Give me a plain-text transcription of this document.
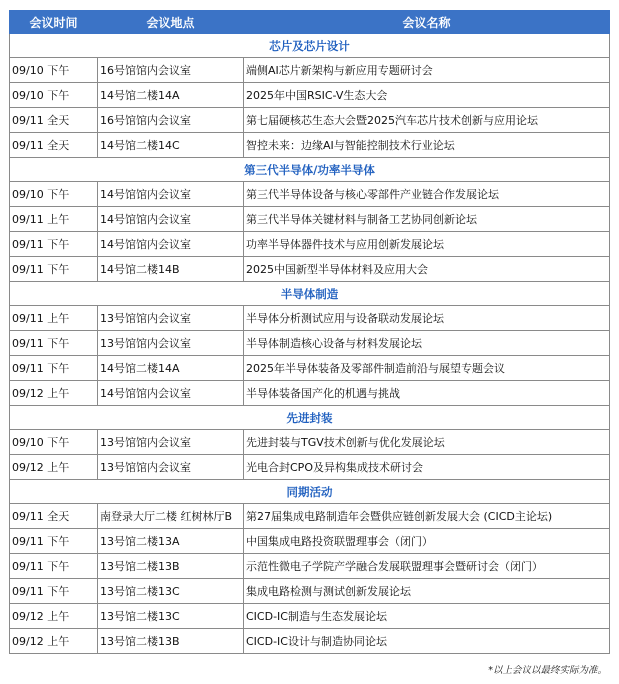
会议时间	会议地点	会议名称
芯片及芯片设计		
09/10 下午	16号馆馆内会议室	端侧AI芯片新架构与新应用专题研讨会
09/10 下午	14号馆二楼14A	2025年中国RSIC-V生态大会
09/11 全天	16号馆馆内会议室	第七届硬核芯生态大会暨2025汽车芯片技术创新与应用论坛
09/11 全天	14号馆二楼14C	智控未来：边缘AI与智能控制技术行业论坛
第三代半导体/功率半导体		
09/10 下午	14号馆馆内会议室	第三代半导体设备与核心零部件产业链合作发展论坛
09/11 上午	14号馆馆内会议室	第三代半导体关键材料与制备工艺协同创新论坛
09/11 下午	14号馆馆内会议室	功率半导体器件技术与应用创新发展论坛
09/11 下午	14号馆二楼14B	2025中国新型半导体材料及应用大会
半导体制造		
09/11 上午	13号馆馆内会议室	半导体分析测试应用与设备联动发展论坛
09/11 下午	13号馆馆内会议室	半导体制造核心设备与材料发展论坛
09/11 下午	14号馆二楼14A	2025年半导体装备及零部件制造前沿与展望专题会议
09/12 上午	14号馆馆内会议室	半导体装备国产化的机遇与挑战
先进封装		
09/10 下午	13号馆馆内会议室	先进封装与TGV技术创新与优化发展论坛
09/12 上午	13号馆馆内会议室	光电合封CPO及异构集成技术研讨会
同期活动		
09/11 全天	南登录大厅二楼 红树林厅B	第27届集成电路制造年会暨供应链创新发展大会 (CICD主论坛)
09/11 下午	13号馆二楼13A	中国集成电路投资联盟理事会（闭门）
09/11 下午	13号馆二楼13B	示范性微电子学院产学融合发展联盟理事会暨研讨会（闭门）
09/11 下午	13号馆二楼13C	集成电路检测与测试创新发展论坛
09/12 上午	13号馆二楼13C	CICD-IC制造与生态发展论坛
09/12 上午	13号馆二楼13B	CICD-IC设计与制造协同论坛
*以上会议以最终实际为准。
